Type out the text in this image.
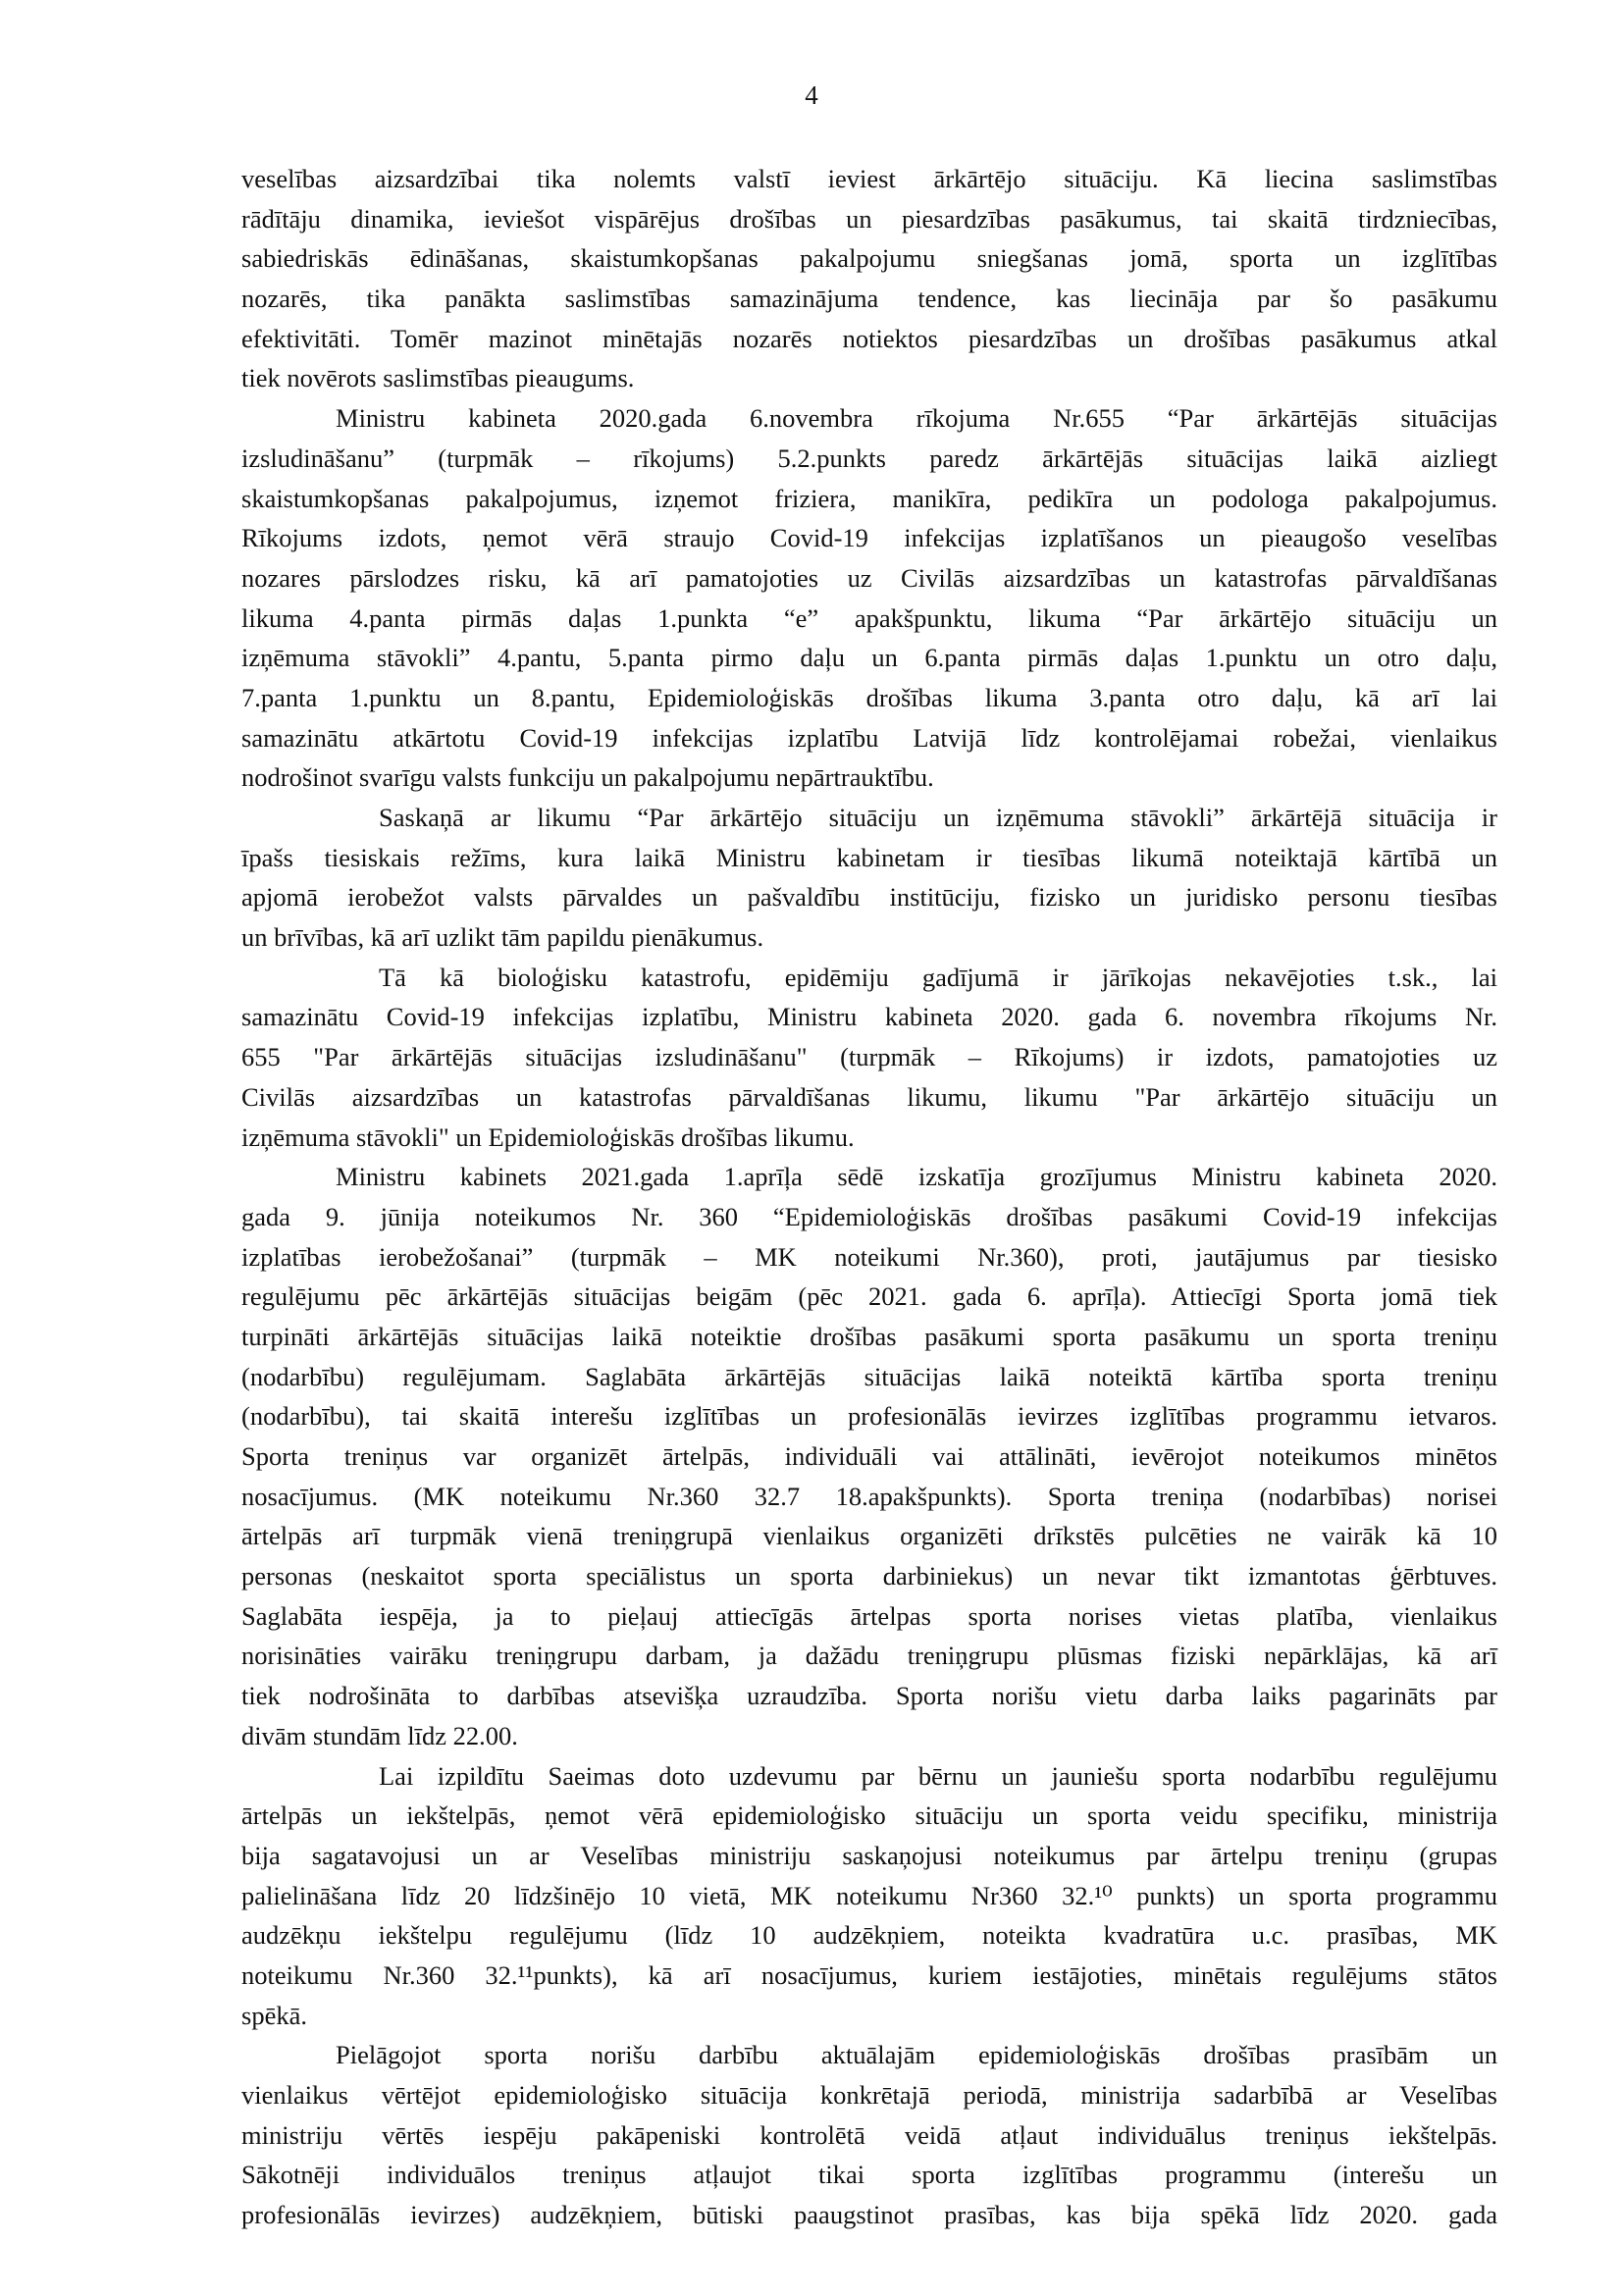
4
veselības aizsardzībai tika nolemts valstī ieviest ārkārtējo situāciju. Kā liecina saslimstības
rādītāju dinamika, ieviešot vispārējus drošības un piesardzības pasākumus, tai skaitā tirdzniecības,
sabiedriskās ēdināšanas, skaistumkopšanas pakalpojumu sniegšanas jomā, sporta un izglītības
nozarēs, tika panākta saslimstības samazinājuma tendence, kas liecināja par šo pasākumu
efektivitāti. Tomēr mazinot minētajās nozarēs notiektos piesardzības un drošības pasākumus atkal
tiek novērots saslimstības pieaugums.
Ministru kabineta 2020.gada 6.novembra rīkojuma Nr.655 “Par ārkārtējās situācijas
izsludināšanu” (turpmāk – rīkojums) 5.2.punkts paredz ārkārtējās situācijas laikā aizliegt
skaistumkopšanas pakalpojumus, izņemot friziera, manikīra, pedikīra un podologa pakalpojumus.
Rīkojums izdots, ņemot vērā straujo Covid-19 infekcijas izplatīšanos un pieaugošo veselības
nozares pārslodzes risku, kā arī pamatojoties uz Civilās aizsardzības un katastrofas pārvaldīšanas
likuma 4.panta pirmās daļas 1.punkta “e” apakšpunktu, likuma “Par ārkārtējo situāciju un
izņēmuma stāvokli” 4.pantu, 5.panta pirmo daļu un 6.panta pirmās daļas 1.punktu un otro daļu,
7.panta 1.punktu un 8.pantu, Epidemioloģiskās drošības likuma 3.panta otro daļu, kā arī lai
samazinātu atkārtotu Covid-19 infekcijas izplatību Latvijā līdz kontrolējamai robežai, vienlaikus
nodrošinot svarīgu valsts funkciju un pakalpojumu nepārtrauktību.
Saskaņā ar likumu “Par ārkārtējo situāciju un izņēmuma stāvokli” ārkārtējā situācija ir
īpašs tiesiskais režīms, kura laikā Ministru kabinetam ir tiesības likumā noteiktajā kārtībā un
apjomā ierobežot valsts pārvaldes un pašvaldību institūciju, fizisko un juridisko personu tiesības
un brīvības, kā arī uzlikt tām papildu pienākumus.
Tā kā bioloģisku katastrofu, epidēmiju gadījumā ir jārīkojas nekavējoties t.sk., lai
samazinātu Covid-19 infekcijas izplatību, Ministru kabineta 2020. gada 6. novembra rīkojums Nr.
655 "Par ārkārtējās situācijas izsludināšanu" (turpmāk – Rīkojums) ir izdots, pamatojoties uz
Civilās aizsardzības un katastrofas pārvaldīšanas likumu, likumu "Par ārkārtējo situāciju un
izņēmuma stāvokli" un Epidemioloģiskās drošības likumu.
Ministru kabinets 2021.gada 1.aprīļa sēdē izskatīja grozījumus Ministru kabineta 2020.
gada 9. jūnija noteikumos Nr. 360 “Epidemioloģiskās drošības pasākumi Covid-19 infekcijas
izplatības ierobežošanai” (turpmāk – MK noteikumi Nr.360), proti, jautājumus par tiesisko
regulējumu pēc ārkārtējās situācijas beigām (pēc 2021. gada 6. aprīļa). Attiecīgi Sporta jomā tiek
turpināti ārkārtējās situācijas laikā noteiktie drošības pasākumi sporta pasākumu un sporta treniņu
(nodarbību) regulējumam. Saglabāta ārkārtējās situācijas laikā noteiktā kārtība sporta treniņu
(nodarbību), tai skaitā interešu izglītības un profesionālās ievirzes izglītības programmu ietvaros.
Sporta treniņus var organizēt ārtelpās, individuāli vai attālināti, ievērojot noteikumos minētos
nosacījumus. (MK noteikumu Nr.360 32.7 18.apakšpunkts). Sporta treniņa (nodarbības) norisei
ārtelpās arī turpmāk vienā treniņgrupā vienlaikus organizēti drīkstēs pulcēties ne vairāk kā 10
personas (neskaitot sporta speciālistus un sporta darbiniekus) un nevar tikt izmantotas ģērbtuves.
Saglabāta iespēja, ja to pieļauj attiecīgās ārtelpas sporta norises vietas platība, vienlaikus
norisināties vairāku treniņgrupu darbam, ja dažādu treniņgrupu plūsmas fiziski nepārklājas, kā arī
tiek nodrošināta to darbības atsevišķa uzraudzība. Sporta norišu vietu darba laiks pagarināts par
divām stundām līdz 22.00.
Lai izpildītu Saeimas doto uzdevumu par bērnu un jauniešu sporta nodarbību regulējumu
ārtelpās un iekštelpās, ņemot vērā epidemioloģisko situāciju un sporta veidu specifiku, ministrija
bija sagatavojusi un ar Veselības ministriju saskaņojusi noteikumus par ārtelpu treniņu (grupas
palielināšana līdz 20 līdzšinējo 10 vietā, MK noteikumu Nr360 32.¹⁰ punkts) un sporta programmu
audzēkņu iekštelpu regulējumu (līdz 10 audzēkņiem, noteikta kvadratūra u.c. prasības, MK
noteikumu Nr.360 32.¹¹punkts), kā arī nosacījumus, kuriem iestājoties, minētais regulējums stātos
spēkā.
Pielāgojot sporta norišu darbību aktuālajām epidemioloģiskās drošības prasībām un
vienlaikus vērtējot epidemioloģisko situācija konkrētajā periodā, ministrija sadarbībā ar Veselības
ministriju vērtēs iespēju pakāpeniski kontrolētā veidā atļaut individuālus treniņus iekštelpās.
Sākotnēji individuālos treniņus atļaujot tikai sporta izglītības programmu (interešu un
profesionālās ievirzes) audzēkņiem, būtiski paaugstinot prasības, kas bija spēkā līdz 2020. gada
